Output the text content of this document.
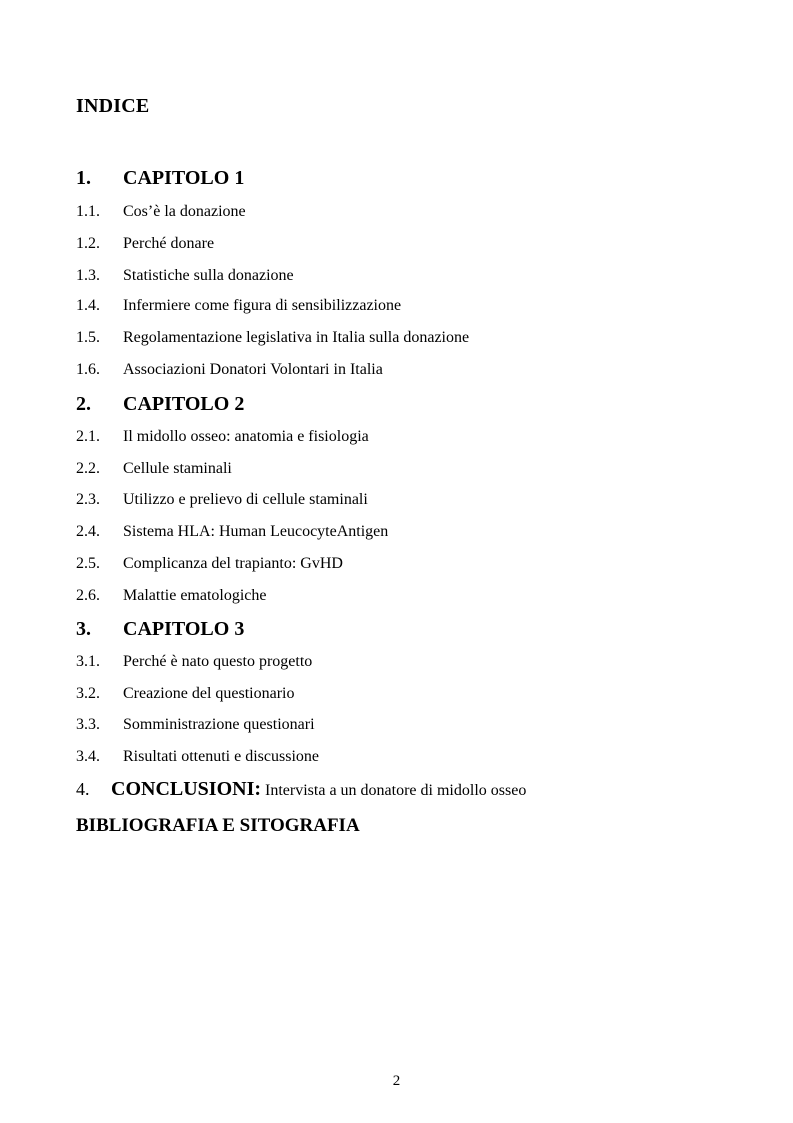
INDICE
1. CAPITOLO 1
1.1. Cos’è la donazione
1.2. Perché donare
1.3. Statistiche sulla donazione
1.4. Infermiere come figura di sensibilizzazione
1.5. Regolamentazione legislativa in Italia sulla donazione
1.6. Associazioni Donatori Volontari in Italia
2. CAPITOLO 2
2.1. Il midollo osseo: anatomia e fisiologia
2.2. Cellule staminali
2.3. Utilizzo e prelievo di cellule staminali
2.4. Sistema HLA: Human LeucocyteAntigen
2.5. Complicanza del trapianto: GvHD
2.6. Malattie ematologiche
3. CAPITOLO 3
3.1. Perché è nato questo progetto
3.2. Creazione del questionario
3.3. Somministrazione questionari
3.4. Risultati ottenuti e discussione
4. CONCLUSIONI: Intervista a un donatore di midollo osseo
BIBLIOGRAFIA E SITOGRAFIA
2
